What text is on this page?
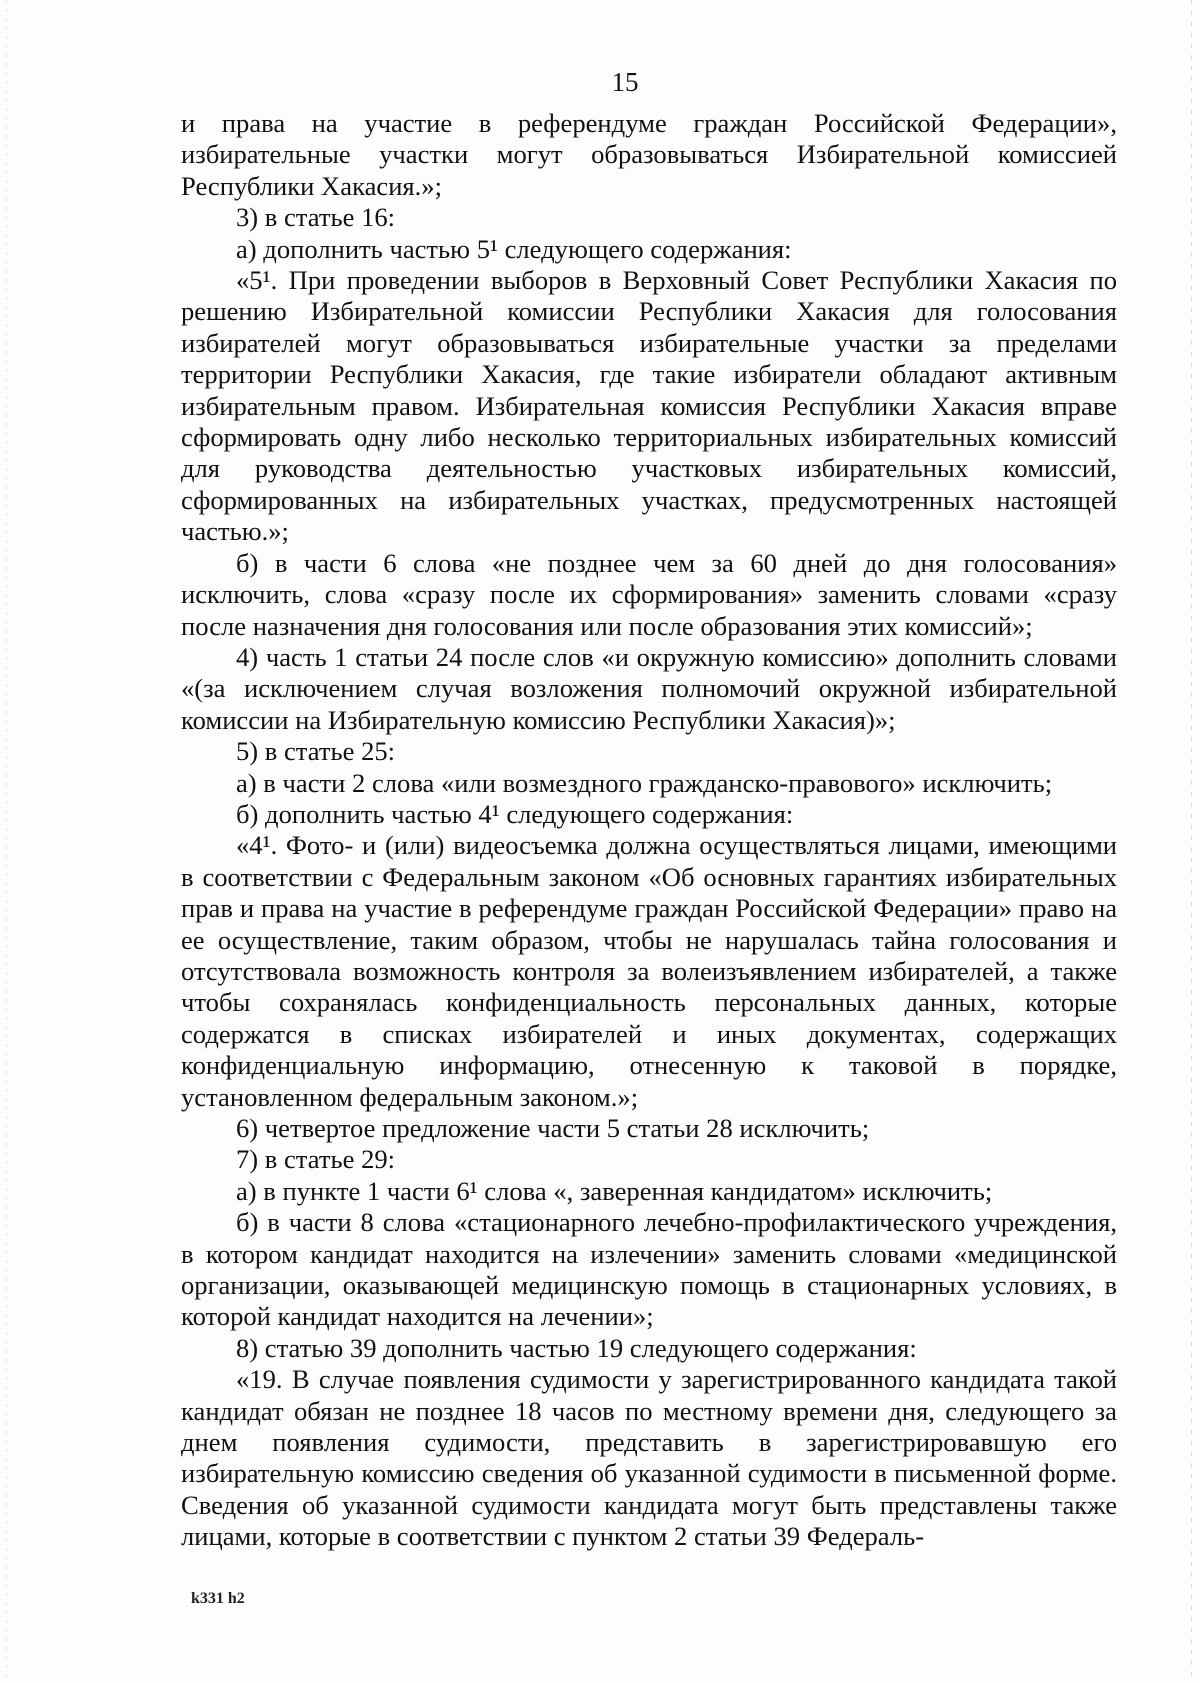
15

и права на участие в референдуме граждан Российской Федерации», избирательные участки могут образовываться Избирательной комиссией Республики Хакасия.»;

3) в статье 16:

а) дополнить частью 5¹ следующего содержания:

«5¹. При проведении выборов в Верховный Совет Республики Хакасия по решению Избирательной комиссии Республики Хакасия для голосования избирателей могут образовываться избирательные участки за пределами территории Республики Хакасия, где такие избиратели обладают активным избирательным правом. Избирательная комиссия Республики Хакасия вправе сформировать одну либо несколько территориальных избирательных комиссий для руководства деятельностью участковых избирательных комиссий, сформированных на избирательных участках, предусмотренных настоящей частью.»;

б) в части 6 слова «не позднее чем за 60 дней до дня голосования» исключить, слова «сразу после их сформирования» заменить словами «сразу после назначения дня голосования или после образования этих комиссий»;

4) часть 1 статьи 24 после слов «и окружную комиссию» дополнить словами «(за исключением случая возложения полномочий окружной избирательной комиссии на Избирательную комиссию Республики Хакасия)»;

5) в статье 25:

а) в части 2 слова «или возмездного гражданско-правового» исключить;

б) дополнить частью 4¹ следующего содержания:

«4¹. Фото- и (или) видеосъемка должна осуществляться лицами, имеющими в соответствии с Федеральным законом «Об основных гарантиях избирательных прав и права на участие в референдуме граждан Российской Федерации» право на ее осуществление, таким образом, чтобы не нарушалась тайна голосования и отсутствовала возможность контроля за волеизъявлением избирателей, а также чтобы сохранялась конфиденциальность персональных данных, которые содержатся в списках избирателей и иных документах, содержащих конфиденциальную информацию, отнесенную к таковой в порядке, установленном федеральным законом.»;

6) четвертое предложение части 5 статьи 28 исключить;

7) в статье 29:

а) в пункте 1 части 6¹ слова «, заверенная кандидатом» исключить;

б) в части 8 слова «стационарного лечебно-профилактического учреждения, в котором кандидат находится на излечении» заменить словами «медицинской организации, оказывающей медицинскую помощь в стационарных условиях, в которой кандидат находится на лечении»;

8) статью 39 дополнить частью 19 следующего содержания:

«19. В случае появления судимости у зарегистрированного кандидата такой кандидат обязан не позднее 18 часов по местному времени дня, следующего за днем появления судимости, представить в зарегистрировавшую его избирательную комиссию сведения об указанной судимости в письменной форме. Сведения об указанной судимости кандидата могут быть представлены также лицами, которые в соответствии с пунктом 2 статьи 39 Федераль-

k331 h2
